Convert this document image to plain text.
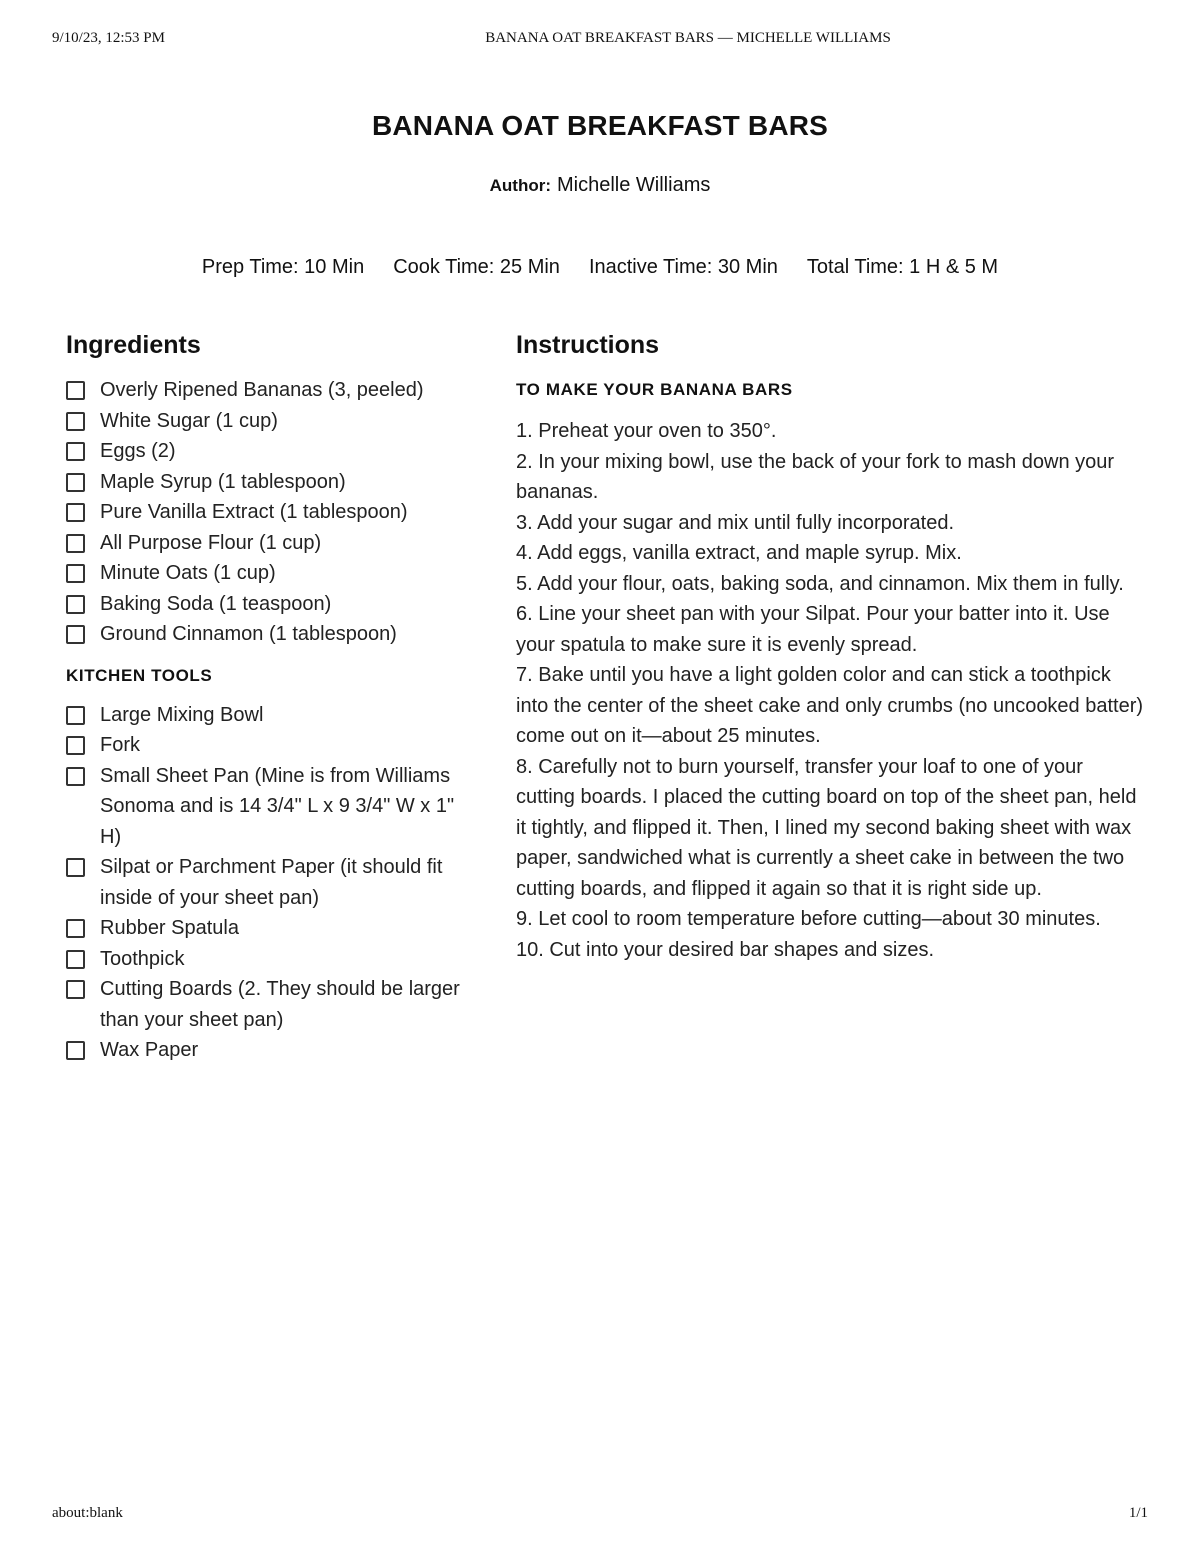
9/10/23, 12:53 PM	BANANA OAT BREAKFAST BARS — MICHELLE WILLIAMS
BANANA OAT BREAKFAST BARS
Author: Michelle Williams
Prep Time: 10 Min Cook Time: 25 Min Inactive Time: 30 Min Total Time: 1 H & 5 M
Ingredients
Overly Ripened Bananas (3, peeled)
White Sugar (1 cup)
Eggs (2)
Maple Syrup (1 tablespoon)
Pure Vanilla Extract (1 tablespoon)
All Purpose Flour (1 cup)
Minute Oats (1 cup)
Baking Soda (1 teaspoon)
Ground Cinnamon (1 tablespoon)
KITCHEN TOOLS
Large Mixing Bowl
Fork
Small Sheet Pan (Mine is from Williams Sonoma and is 14 3/4" L x 9 3/4" W x 1" H)
Silpat or Parchment Paper (it should fit inside of your sheet pan)
Rubber Spatula
Toothpick
Cutting Boards (2. They should be larger than your sheet pan)
Wax Paper
Instructions
TO MAKE YOUR BANANA BARS
1. Preheat your oven to 350°.
2. In your mixing bowl, use the back of your fork to mash down your bananas.
3. Add your sugar and mix until fully incorporated.
4. Add eggs, vanilla extract, and maple syrup. Mix.
5. Add your flour, oats, baking soda, and cinnamon. Mix them in fully.
6. Line your sheet pan with your Silpat. Pour your batter into it. Use your spatula to make sure it is evenly spread.
7. Bake until you have a light golden color and can stick a toothpick into the center of the sheet cake and only crumbs (no uncooked batter) come out on it—about 25 minutes.
8. Carefully not to burn yourself, transfer your loaf to one of your cutting boards. I placed the cutting board on top of the sheet pan, held it tightly, and flipped it. Then, I lined my second baking sheet with wax paper, sandwiched what is currently a sheet cake in between the two cutting boards, and flipped it again so that it is right side up.
9. Let cool to room temperature before cutting—about 30 minutes.
10. Cut into your desired bar shapes and sizes.
about:blank	1/1
